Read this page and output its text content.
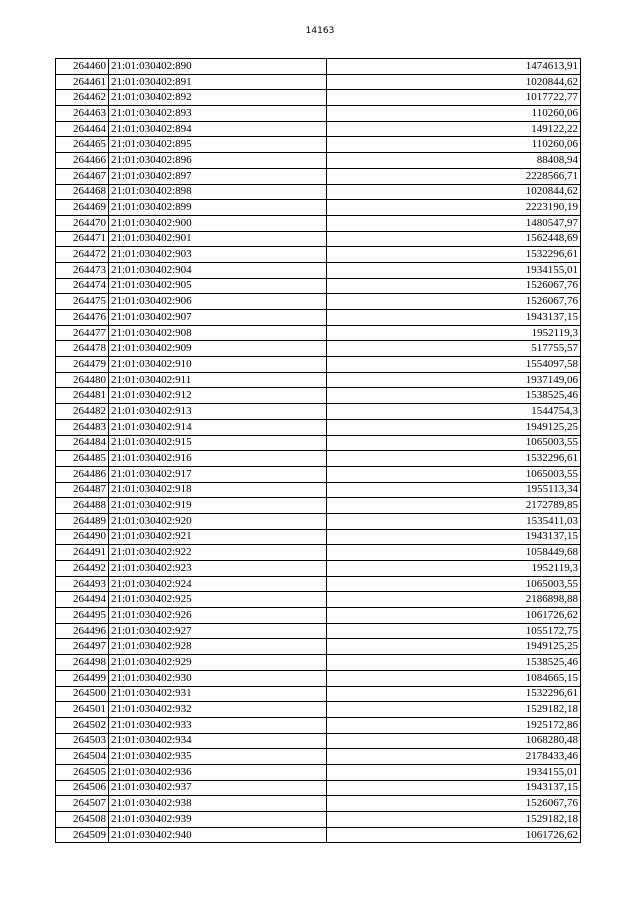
14163
264460	21:01:030402:890	1474613,91
264461	21:01:030402:891	1020844,62
264462	21:01:030402:892	1017722,77
264463	21:01:030402:893	110260,06
264464	21:01:030402:894	149122,22
264465	21:01:030402:895	110260,06
264466	21:01:030402:896	88408,94
264467	21:01:030402:897	2228566,71
264468	21:01:030402:898	1020844,62
264469	21:01:030402:899	2223190,19
264470	21:01:030402:900	1480547,97
264471	21:01:030402:901	1562448,69
264472	21:01:030402:903	1532296,61
264473	21:01:030402:904	1934155,01
264474	21:01:030402:905	1526067,76
264475	21:01:030402:906	1526067,76
264476	21:01:030402:907	1943137,15
264477	21:01:030402:908	1952119,3
264478	21:01:030402:909	517755,57
264479	21:01:030402:910	1554097,58
264480	21:01:030402:911	1937149,06
264481	21:01:030402:912	1538525,46
264482	21:01:030402:913	1544754,3
264483	21:01:030402:914	1949125,25
264484	21:01:030402:915	1065003,55
264485	21:01:030402:916	1532296,61
264486	21:01:030402:917	1065003,55
264487	21:01:030402:918	1955113,34
264488	21:01:030402:919	2172789,85
264489	21:01:030402:920	1535411,03
264490	21:01:030402:921	1943137,15
264491	21:01:030402:922	1058449,68
264492	21:01:030402:923	1952119,3
264493	21:01:030402:924	1065003,55
264494	21:01:030402:925	2186898,88
264495	21:01:030402:926	1061726,62
264496	21:01:030402:927	1055172,75
264497	21:01:030402:928	1949125,25
264498	21:01:030402:929	1538525,46
264499	21:01:030402:930	1084665,15
264500	21:01:030402:931	1532296,61
264501	21:01:030402:932	1529182,18
264502	21:01:030402:933	1925172,86
264503	21:01:030402:934	1068280,48
264504	21:01:030402:935	2178433,46
264505	21:01:030402:936	1934155,01
264506	21:01:030402:937	1943137,15
264507	21:01:030402:938	1526067,76
264508	21:01:030402:939	1529182,18
264509	21:01:030402:940	1061726,62
